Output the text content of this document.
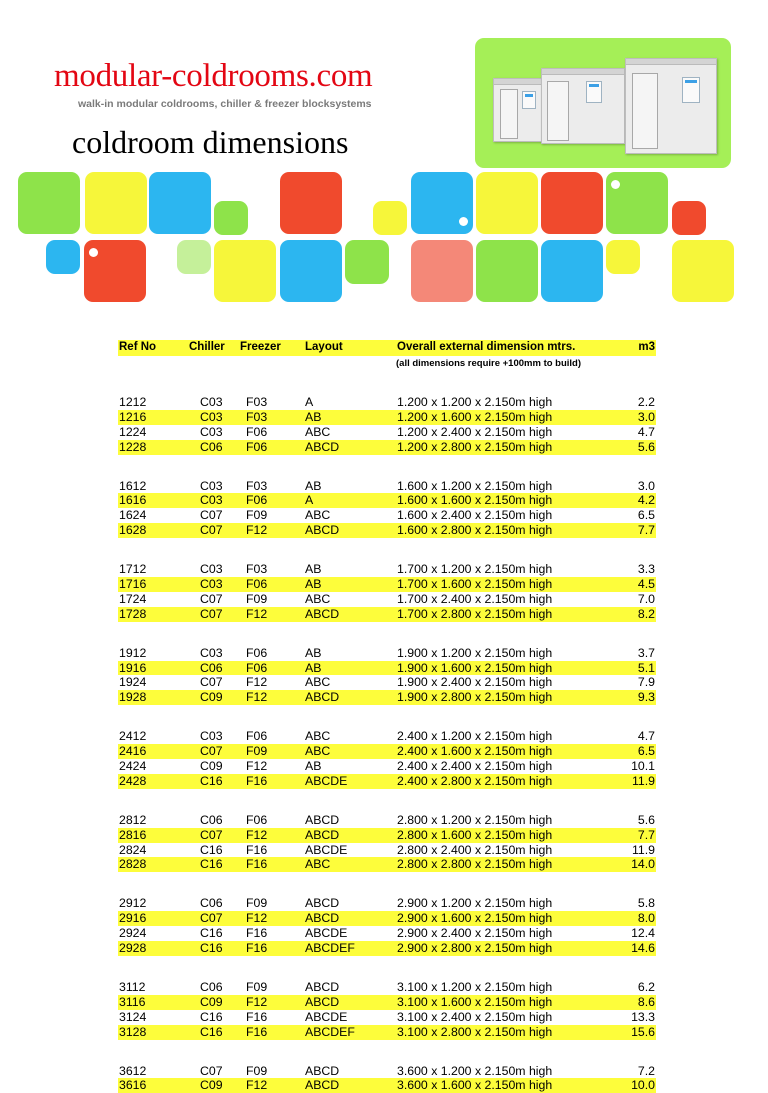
modular-coldrooms.com
walk-in modular coldrooms, chiller & freezer blocksystems
coldroom dimensions
Ref No	Chiller Freezer Layout	Overall external dimension mtrs.	m3
(all dimensions require +100mm to build)
1212	C03 F03	A	1.200 x 1.200 x 2.150m high	2.2
1216	C03 F03	AB	1.200 x 1.600 x 2.150m high	3.0
1224	C03 F06	ABC	1.200 x 2.400 x 2.150m high	4.7
1228	C06 F06	ABCD	1.200 x 2.800 x 2.150m high	5.6
1612	C03 F03	AB	1.600 x 1.200 x 2.150m high	3.0
1616	C03 F06	A	1.600 x 1.600 x 2.150m high	4.2
1624	C07 F09	ABC	1.600 x 2.400 x 2.150m high	6.5
1628	C07 F12	ABCD	1.600 x 2.800 x 2.150m high	7.7
1712	C03 F03	AB	1.700 x 1.200 x 2.150m high	3.3
1716	C03 F06	AB	1.700 x 1.600 x 2.150m high	4.5
1724	C07 F09	ABC	1.700 x 2.400 x 2.150m high	7.0
1728	C07 F12	ABCD	1.700 x 2.800 x 2.150m high	8.2
1912	C03 F06	AB	1.900 x 1.200 x 2.150m high	3.7
1916	C06 F06	AB	1.900 x 1.600 x 2.150m high	5.1
1924	C07 F12	ABC	1.900 x 2.400 x 2.150m high	7.9
1928	C09 F12	ABCD	1.900 x 2.800 x 2.150m high	9.3
2412	C03 F06	ABC	2.400 x 1.200 x 2.150m high	4.7
2416	C07 F09	ABC	2.400 x 1.600 x 2.150m high	6.5
2424	C09 F12	AB	2.400 x 2.400 x 2.150m high	10.1
2428	C16 F16	ABCDE	2.400 x 2.800 x 2.150m high	11.9
2812	C06 F06	ABCD	2.800 x 1.200 x 2.150m high	5.6
2816	C07 F12	ABCD	2.800 x 1.600 x 2.150m high	7.7
2824	C16 F16	ABCDE	2.800 x 2.400 x 2.150m high	11.9
2828	C16 F16	ABC	2.800 x 2.800 x 2.150m high	14.0
2912	C06 F09	ABCD	2.900 x 1.200 x 2.150m high	5.8
2916	C07 F12	ABCD	2.900 x 1.600 x 2.150m high	8.0
2924	C16 F16	ABCDE	2.900 x 2.400 x 2.150m high	12.4
2928	C16 F16	ABCDEF	2.900 x 2.800 x 2.150m high	14.6
3112	C06 F09	ABCD	3.100 x 1.200 x 2.150m high	6.2
3116	C09 F12	ABCD	3.100 x 1.600 x 2.150m high	8.6
3124	C16 F16	ABCDE	3.100 x 2.400 x 2.150m high	13.3
3128	C16 F16	ABCDEF	3.100 x 2.800 x 2.150m high	15.6
3612	C07 F09	ABCD	3.600 x 1.200 x 2.150m high	7.2
3616	C09 F12	ABCD	3.600 x 1.600 x 2.150m high	10.0
